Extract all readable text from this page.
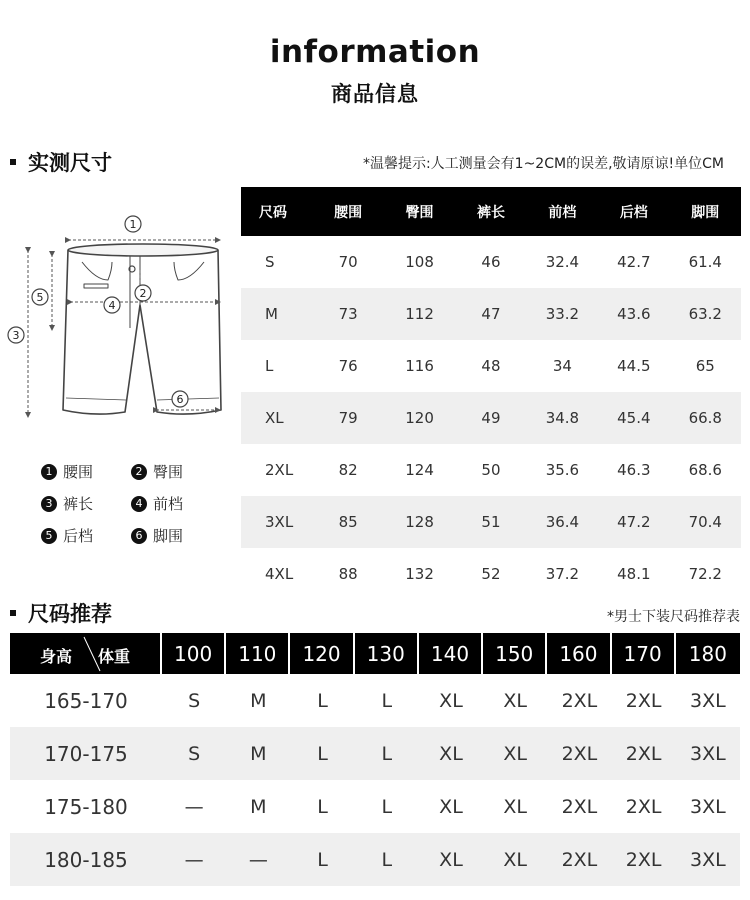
information
商品信息
实测尺寸	*温馨提示:人工测量会有1~2CM的误差,敬请原谅!单位CM
1
2
3
4
5
6
1 腰围	2 臀围
3 裤长	4 前档
5 后档	6 脚围
尺码	腰围	臀围	裤长	前档	后档	脚围
S	70	108	46	32.4	42.7	61.4
M	73	112	47	33.2	43.6	63.2
L	76	116	48	34	44.5	65
XL	79	120	49	34.8	45.4	66.8
2XL	82	124	50	35.6	46.3	68.6
3XL	85	128	51	36.4	47.2	70.4
4XL	88	132	52	37.2	48.1	72.2
尺码推荐	*男士下装尺码推荐表
身高 体重	100	110	120	130	140	150	160	170	180
165-170	S	M	L	L	XL	XL	2XL	2XL	3XL
170-175	S	M	L	L	XL	XL	2XL	2XL	3XL
175-180	—	M	L	L	XL	XL	2XL	2XL	3XL
180-185	—	—	L	L	XL	XL	2XL	2XL	3XL
